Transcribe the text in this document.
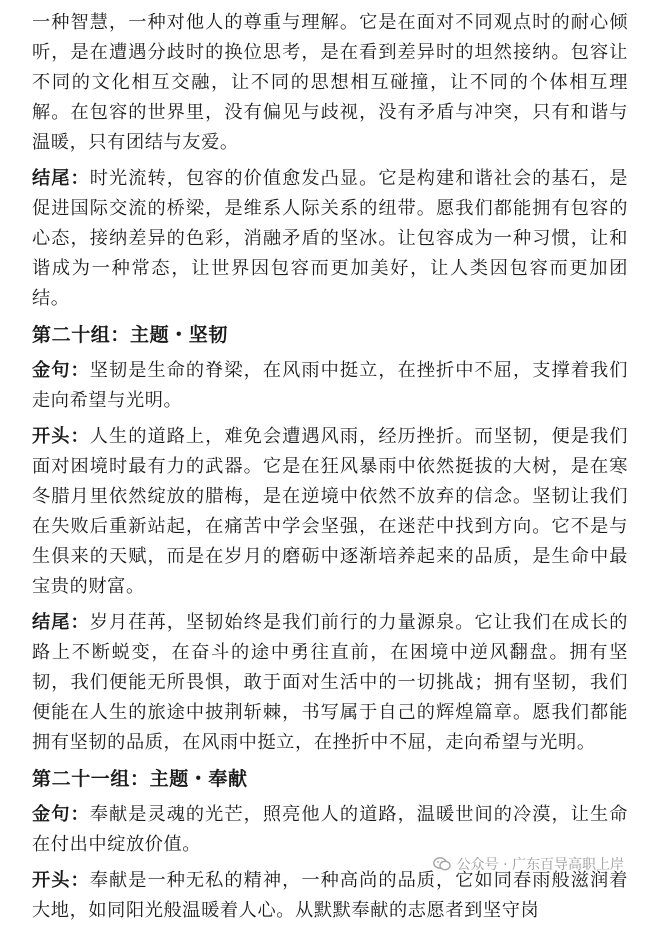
一种智慧，一种对他人的尊重与理解。它是在面对不同观点时的耐心倾听，是在遭遇分歧时的换位思考，是在看到差异时的坦然接纳。包容让不同的文化相互交融，让不同的思想相互碰撞，让不同的个体相互理解。在包容的世界里，没有偏见与歧视，没有矛盾与冲突，只有和谐与温暖，只有团结与友爱。

结尾：时光流转，包容的价值愈发凸显。它是构建和谐社会的基石，是促进国际交流的桥梁，是维系人际关系的纽带。愿我们都能拥有包容的心态，接纳差异的色彩，消融矛盾的坚冰。让包容成为一种习惯，让和谐成为一种常态，让世界因包容而更加美好，让人类因包容而更加团结。

第二十组：主题・坚韧

金句：坚韧是生命的脊梁，在风雨中挺立，在挫折中不屈，支撑着我们走向希望与光明。

开头：人生的道路上，难免会遭遇风雨，经历挫折。而坚韧，便是我们面对困境时最有力的武器。它是在狂风暴雨中依然挺拔的大树，是在寒冬腊月里依然绽放的腊梅，是在逆境中依然不放弃的信念。坚韧让我们在失败后重新站起，在痛苦中学会坚强，在迷茫中找到方向。它不是与生俱来的天赋，而是在岁月的磨砺中逐渐培养起来的品质，是生命中最宝贵的财富。

结尾：岁月荏苒，坚韧始终是我们前行的力量源泉。它让我们在成长的路上不断蜕变，在奋斗的途中勇往直前，在困境中逆风翻盘。拥有坚韧，我们便能无所畏惧，敢于面对生活中的一切挑战；拥有坚韧，我们便能在人生的旅途中披荆斩棘，书写属于自己的辉煌篇章。愿我们都能拥有坚韧的品质，在风雨中挺立，在挫折中不屈，走向希望与光明。

第二十一组：主题・奉献

金句：奉献是灵魂的光芒，照亮他人的道路，温暖世间的冷漠，让生命在付出中绽放价值。

开头：奉献是一种无私的精神，一种高尚的品质，它如同春雨般滋润着大地，如同阳光般温暖着人心。从默默奉献的志愿者到坚守岗

公众号 · 广东百导高职上岸
